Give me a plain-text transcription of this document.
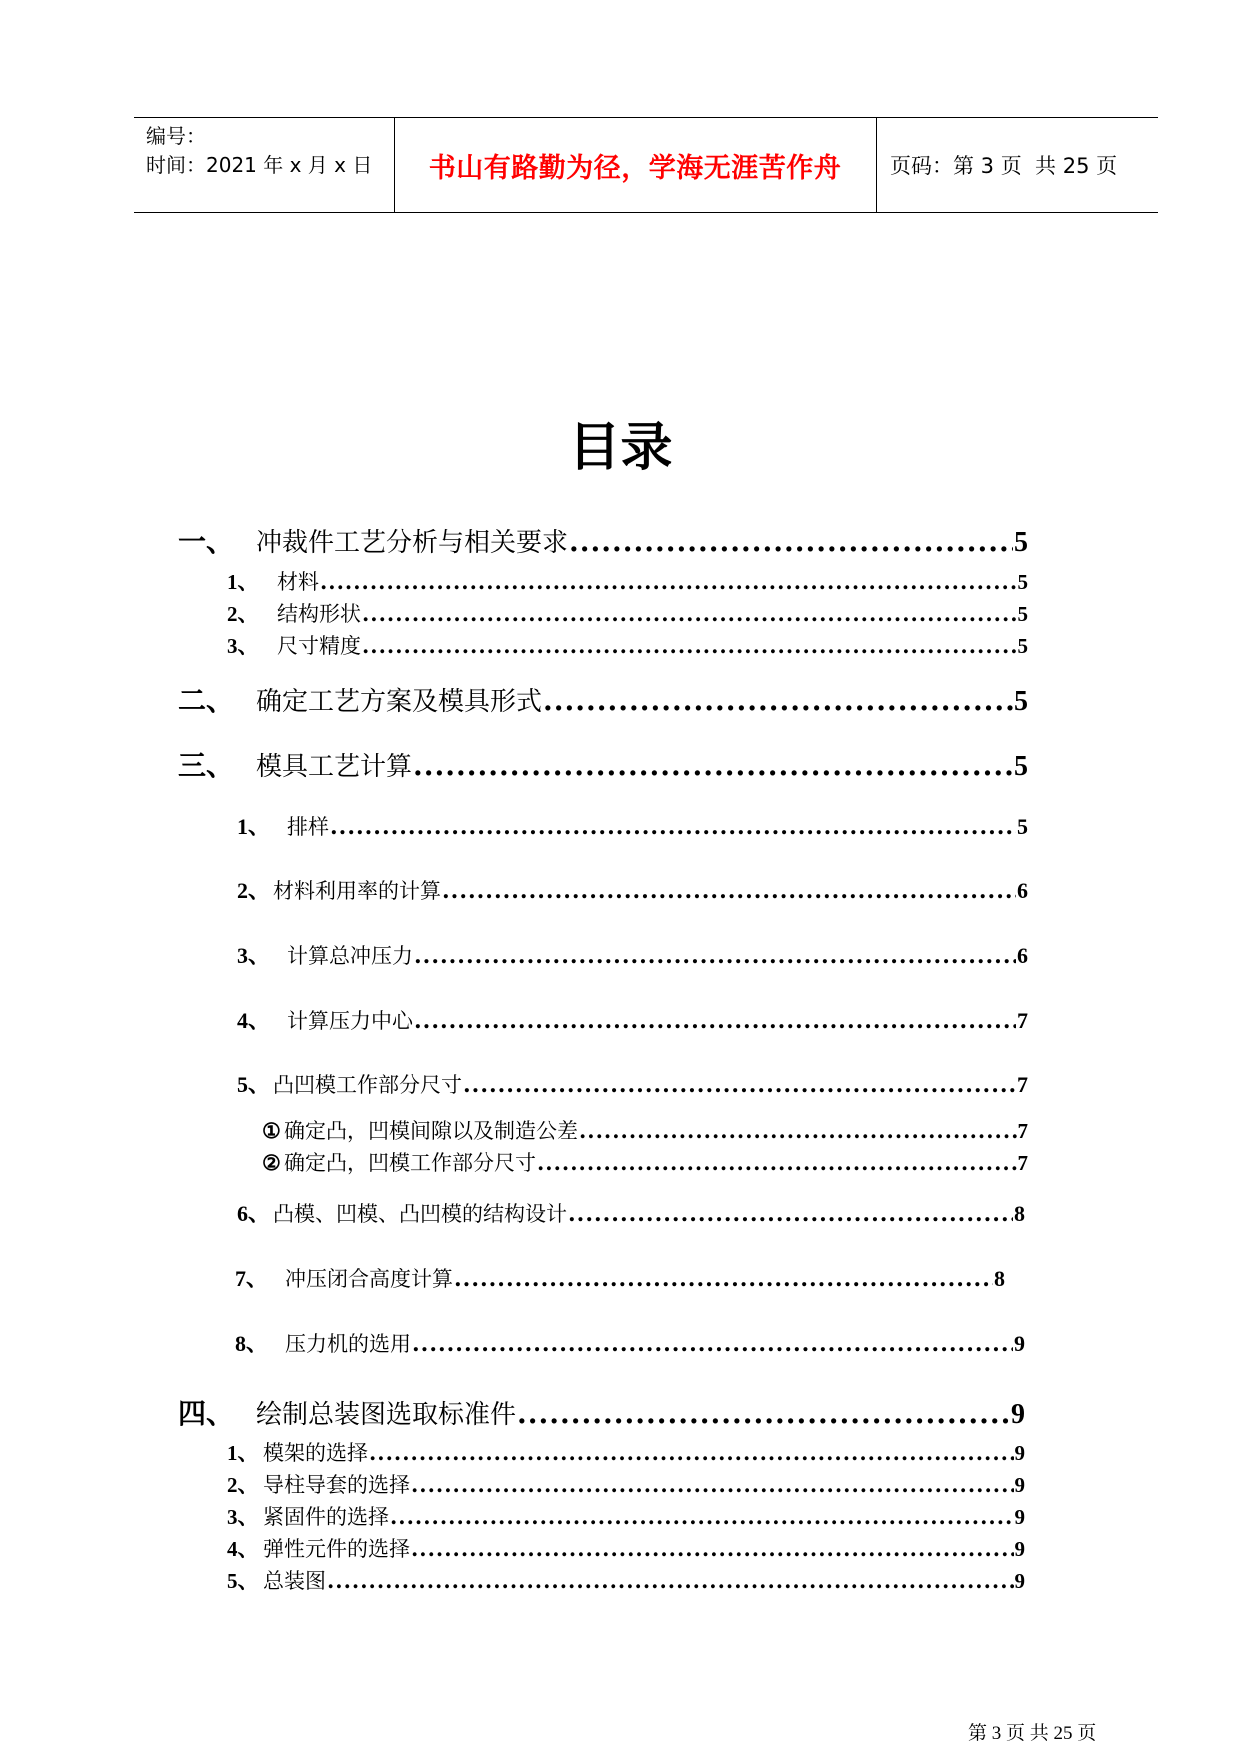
编号：
时间：2021 年 x 月 x 日	书山有路勤为径，学海无涯苦作舟	页码：第 3 页  共 25 页
目录
一、 冲裁件工艺分析与相关要求 .....	5
1、 材料 .....	5
2、 结构形状 .....	5
3、 尺寸精度 .....	5
二、 确定工艺方案及模具形式 .....	5
三、 模具工艺计算 .....	5
1、 排样 .....	5
2、 材料利用率的计算 .....	6
3、 计算总冲压力 .....	6
4、 计算压力中心 .....	7
5、 凸凹模工作部分尺寸 .....	7
① 确定凸，凹模间隙以及制造公差 .....	7
② 确定凸，凹模工作部分尺寸 .....	7
6、 凸模、凹模、凸凹模的结构设计 .....	8
7、 冲压闭合高度计算 .....	8
8、 压力机的选用 .....	9
四、 绘制总装图选取标准件 .....	9
1、 模架的选择 .....	9
2、 导柱导套的选择 .....	9
3、 紧固件的选择 .....	9
4、 弹性元件的选择 .....	9
5、 总装图 .....	9
第 3 页 共 25 页
